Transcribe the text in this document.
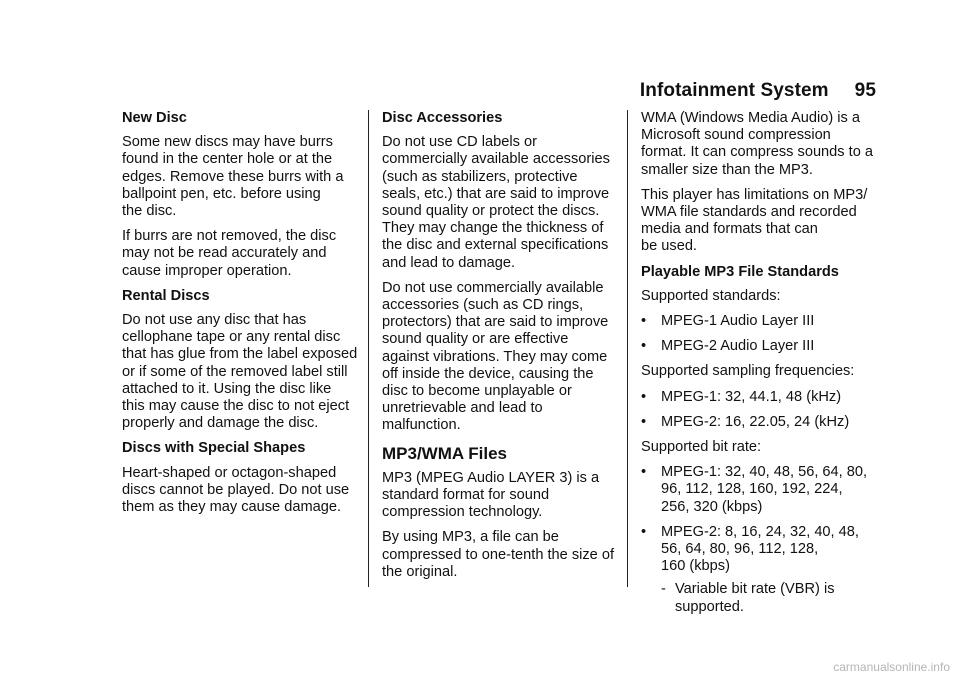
Infotainment System 95

New Disc

Some new discs may have burrs
found in the center hole or at the
edges. Remove these burrs with a
ballpoint pen, etc. before using
the disc.

If burrs are not removed, the disc
may not be read accurately and
cause improper operation.

Rental Discs

Do not use any disc that has
cellophane tape or any rental disc
that has glue from the label exposed
or if some of the removed label still
attached to it. Using the disc like
this may cause the disc to not eject
properly and damage the disc.

Discs with Special Shapes

Heart-shaped or octagon-shaped
discs cannot be played. Do not use
them as they may cause damage.

Disc Accessories

Do not use CD labels or
commercially available accessories
(such as stabilizers, protective
seals, etc.) that are said to improve
sound quality or protect the discs.
They may change the thickness of
the disc and external specifications
and lead to damage.

Do not use commercially available
accessories (such as CD rings,
protectors) that are said to improve
sound quality or are effective
against vibrations. They may come
off inside the device, causing the
disc to become unplayable or
unretrievable and lead to
malfunction.

MP3/WMA Files

MP3 (MPEG Audio LAYER 3) is a
standard format for sound
compression technology.

By using MP3, a file can be
compressed to one-tenth the size of
the original.

WMA (Windows Media Audio) is a
Microsoft sound compression
format. It can compress sounds to a
smaller size than the MP3.

This player has limitations on MP3/
WMA file standards and recorded
media and formats that can
be used.

Playable MP3 File Standards

Supported standards:

• MPEG-1 Audio Layer III

• MPEG-2 Audio Layer III

Supported sampling frequencies:

• MPEG-1: 32, 44.1, 48 (kHz)

• MPEG-2: 16, 22.05, 24 (kHz)

Supported bit rate:

• MPEG-1: 32, 40, 48, 56, 64, 80,
96, 112, 128, 160, 192, 224,
256, 320 (kbps)

• MPEG-2: 8, 16, 24, 32, 40, 48,
56, 64, 80, 96, 112, 128,
160 (kbps)

- Variable bit rate (VBR) is
supported.

carmanualsonline.info
